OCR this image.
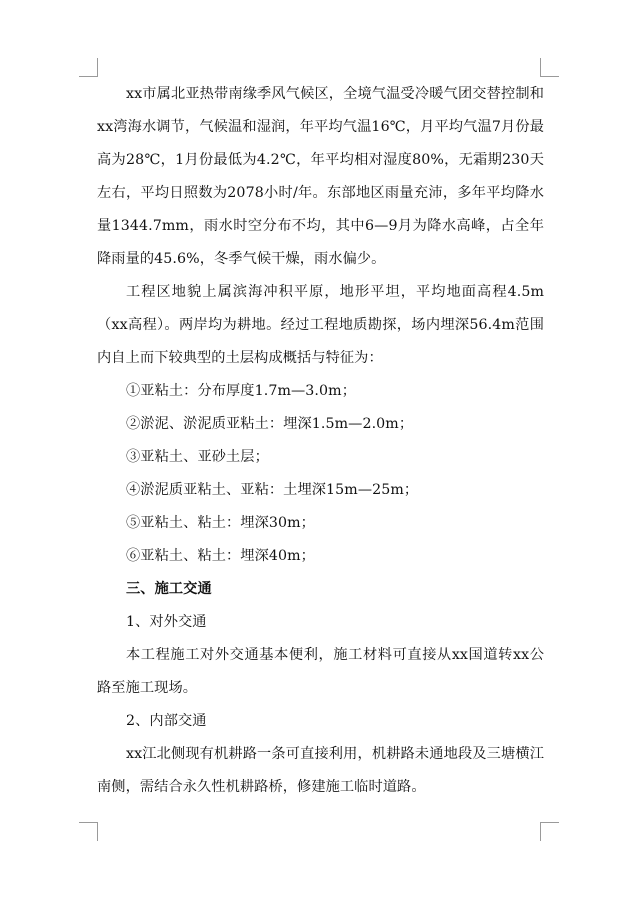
xx市属北亚热带南缘季风气候区，全境气温受冷暖气团交替控制和xx湾海水调节，气候温和湿润，年平均气温16℃，月平均气温7月份最高为28℃，1月份最低为4.2℃，年平均相对湿度80%，无霜期230天左右，平均日照数为2078小时/年。东部地区雨量充沛，多年平均降水量1344.7mm，雨水时空分布不均，其中6—9月为降水高峰，占全年降雨量的45.6%，冬季气候干燥，雨水偏少。

工程区地貌上属滨海冲积平原，地形平坦，平均地面高程4.5m（xx高程）。两岸均为耕地。经过工程地质勘探，场内埋深56.4m范围内自上而下较典型的土层构成概括与特征为：

①亚粘土：分布厚度1.7m—3.0m；

②淤泥、淤泥质亚粘土：埋深1.5m—2.0m；

③亚粘土、亚砂土层；

④淤泥质亚粘土、亚粘：土埋深15m—25m；

⑤亚粘土、粘土：埋深30m；

⑥亚粘土、粘土：埋深40m；

三、施工交通

1、对外交通

本工程施工对外交通基本便利，施工材料可直接从xx国道转xx公路至施工现场。

2、内部交通

xx江北侧现有机耕路一条可直接利用，机耕路未通地段及三塘横江南侧，需结合永久性机耕路桥，修建施工临时道路。
